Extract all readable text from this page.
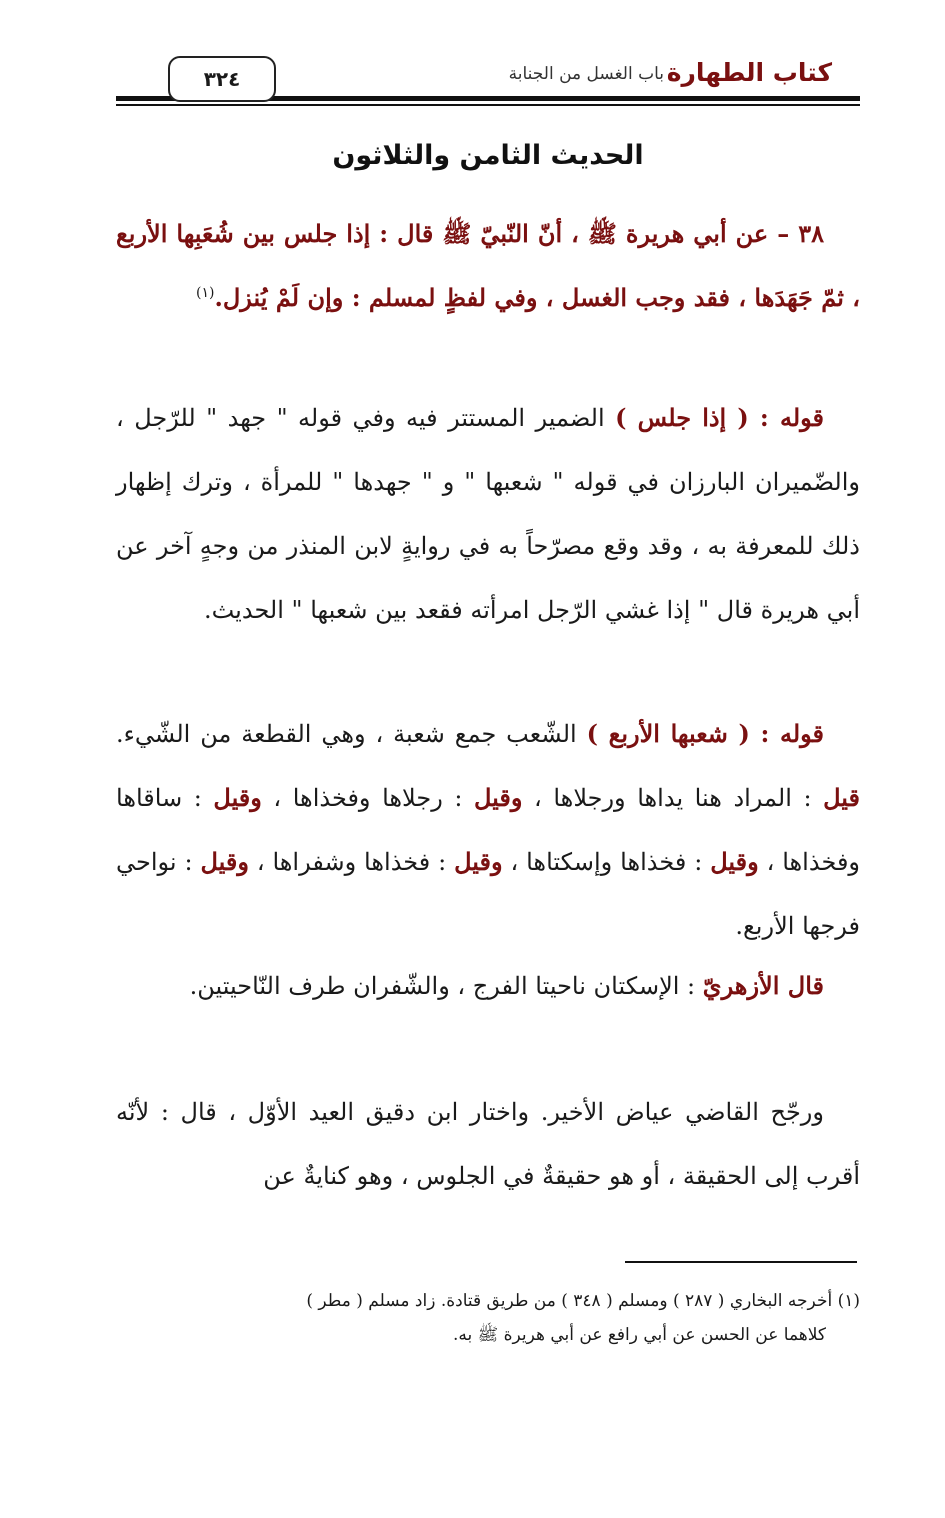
كتاب الطهارة
باب الغسل من الجنابة
٣٢٤
الحديث الثامن والثلاثون
٣٨ – عن أبي هريرة ﷺ ، أنّ النّبيّ ﷺ قال : إذا جلس بين شُعَبِها الأربع ، ثمّ جَهَدَها ، فقد وجب الغسل ، وفي لفظٍ لمسلم : وإن لَمْ يُنزل.$^{(١)}$
قوله : ( إذا جلس ) الضمير المستتر فيه وفي قوله " جهد " للرّجل ، والضّميران البارزان في قوله " شعبها " و " جهدها " للمرأة ، وترك إظهار ذلك للمعرفة به ، وقد وقع مصرّحاً به في روايةٍ لابن المنذر من وجهٍ آخر عن أبي هريرة قال " إذا غشي الرّجل امرأته فقعد بين شعبها " الحديث.
قوله : ( شعبها الأربع ) الشّعب جمع شعبة ، وهي القطعة من الشّيء. قيل : المراد هنا يداها ورجلاها ، وقيل : رجلاها وفخذاها ، وقيل : ساقاها وفخذاها ، وقيل : فخذاها وإسكتاها ، وقيل : فخذاها وشفراها ، وقيل : نواحي فرجها الأربع.
قال الأزهريّ : الإسكتان ناحيتا الفرج ، والشّفران طرف النّاحيتين.
ورجّح القاضي عياض الأخير. واختار ابن دقيق العيد الأوّل ، قال : لأنّه أقرب إلى الحقيقة ، أو هو حقيقةٌ في الجلوس ، وهو كنايةٌ عن
(١) أخرجه البخاري ( ٢٨٧ ) ومسلم ( ٣٤٨ ) من طريق قتادة. زاد مسلم ( مطر )
كلاهما عن الحسن عن أبي رافع عن أبي هريرة ﷺ به.
